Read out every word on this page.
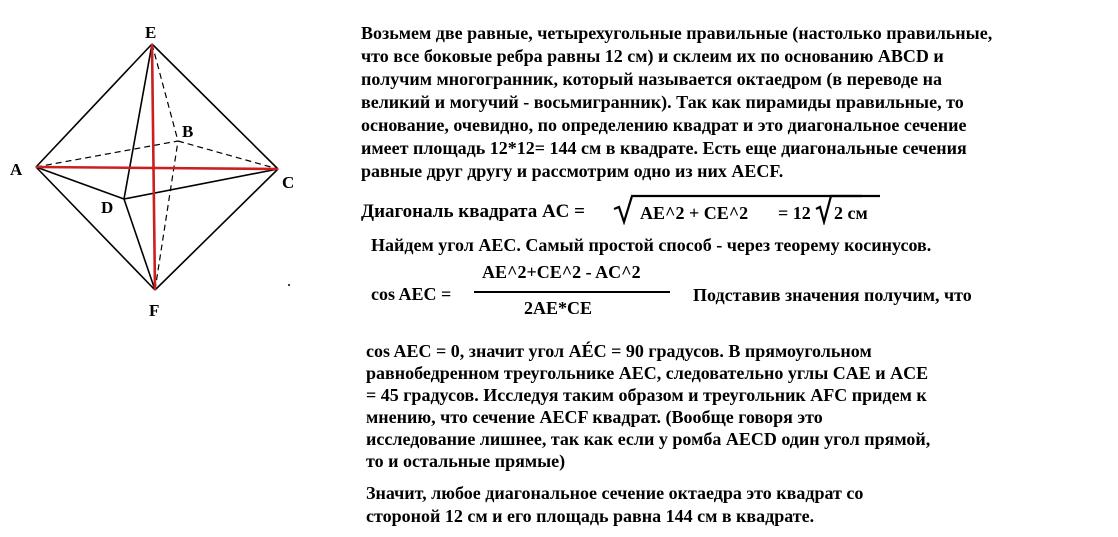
E
B
A
C
D
F
Возьмем две равные, четырехугольные правильные (настолько правильные,
что все боковые ребра равны 12 см) и склеим их по основанию ABCD и
получим многогранник, который называется октаедром (в переводе на
великий и могучий - восьмигранник). Так как пирамиды правильные, то
основание, очевидно, по определению квадрат и это диагональное сечение
имеет площадь 12*12= 144 см в квадрате. Есть еще диагональные сечения
равные друг другу и рассмотрим одно из них AECF.
Диагональ квадрата AC =	AE^2 + CE^2 = 12 2 см
Найдем угол AEC. Самый простой способ - через теорему косинусов.
cos AEC =
AE^2+CE^2 - AC^2
2AE*CE
Подставив значения получим, что
cos AEC = 0, значит угол AÉC = 90 градусов. В прямоугольном
равнобедренном треугольнике AEC, следовательно углы CAE и ACE
= 45 градусов. Исследуя таким образом и треугольник AFC придем к
мнению, что сечение AECF квадрат. (Вообще говоря это
исследование лишнее, так как если у ромба AECD один угол прямой,
то и остальные прямые)
Значит, любое диагональное сечение октаедра это квадрат со
стороной 12 см и его площадь равна 144 см в квадрате.
